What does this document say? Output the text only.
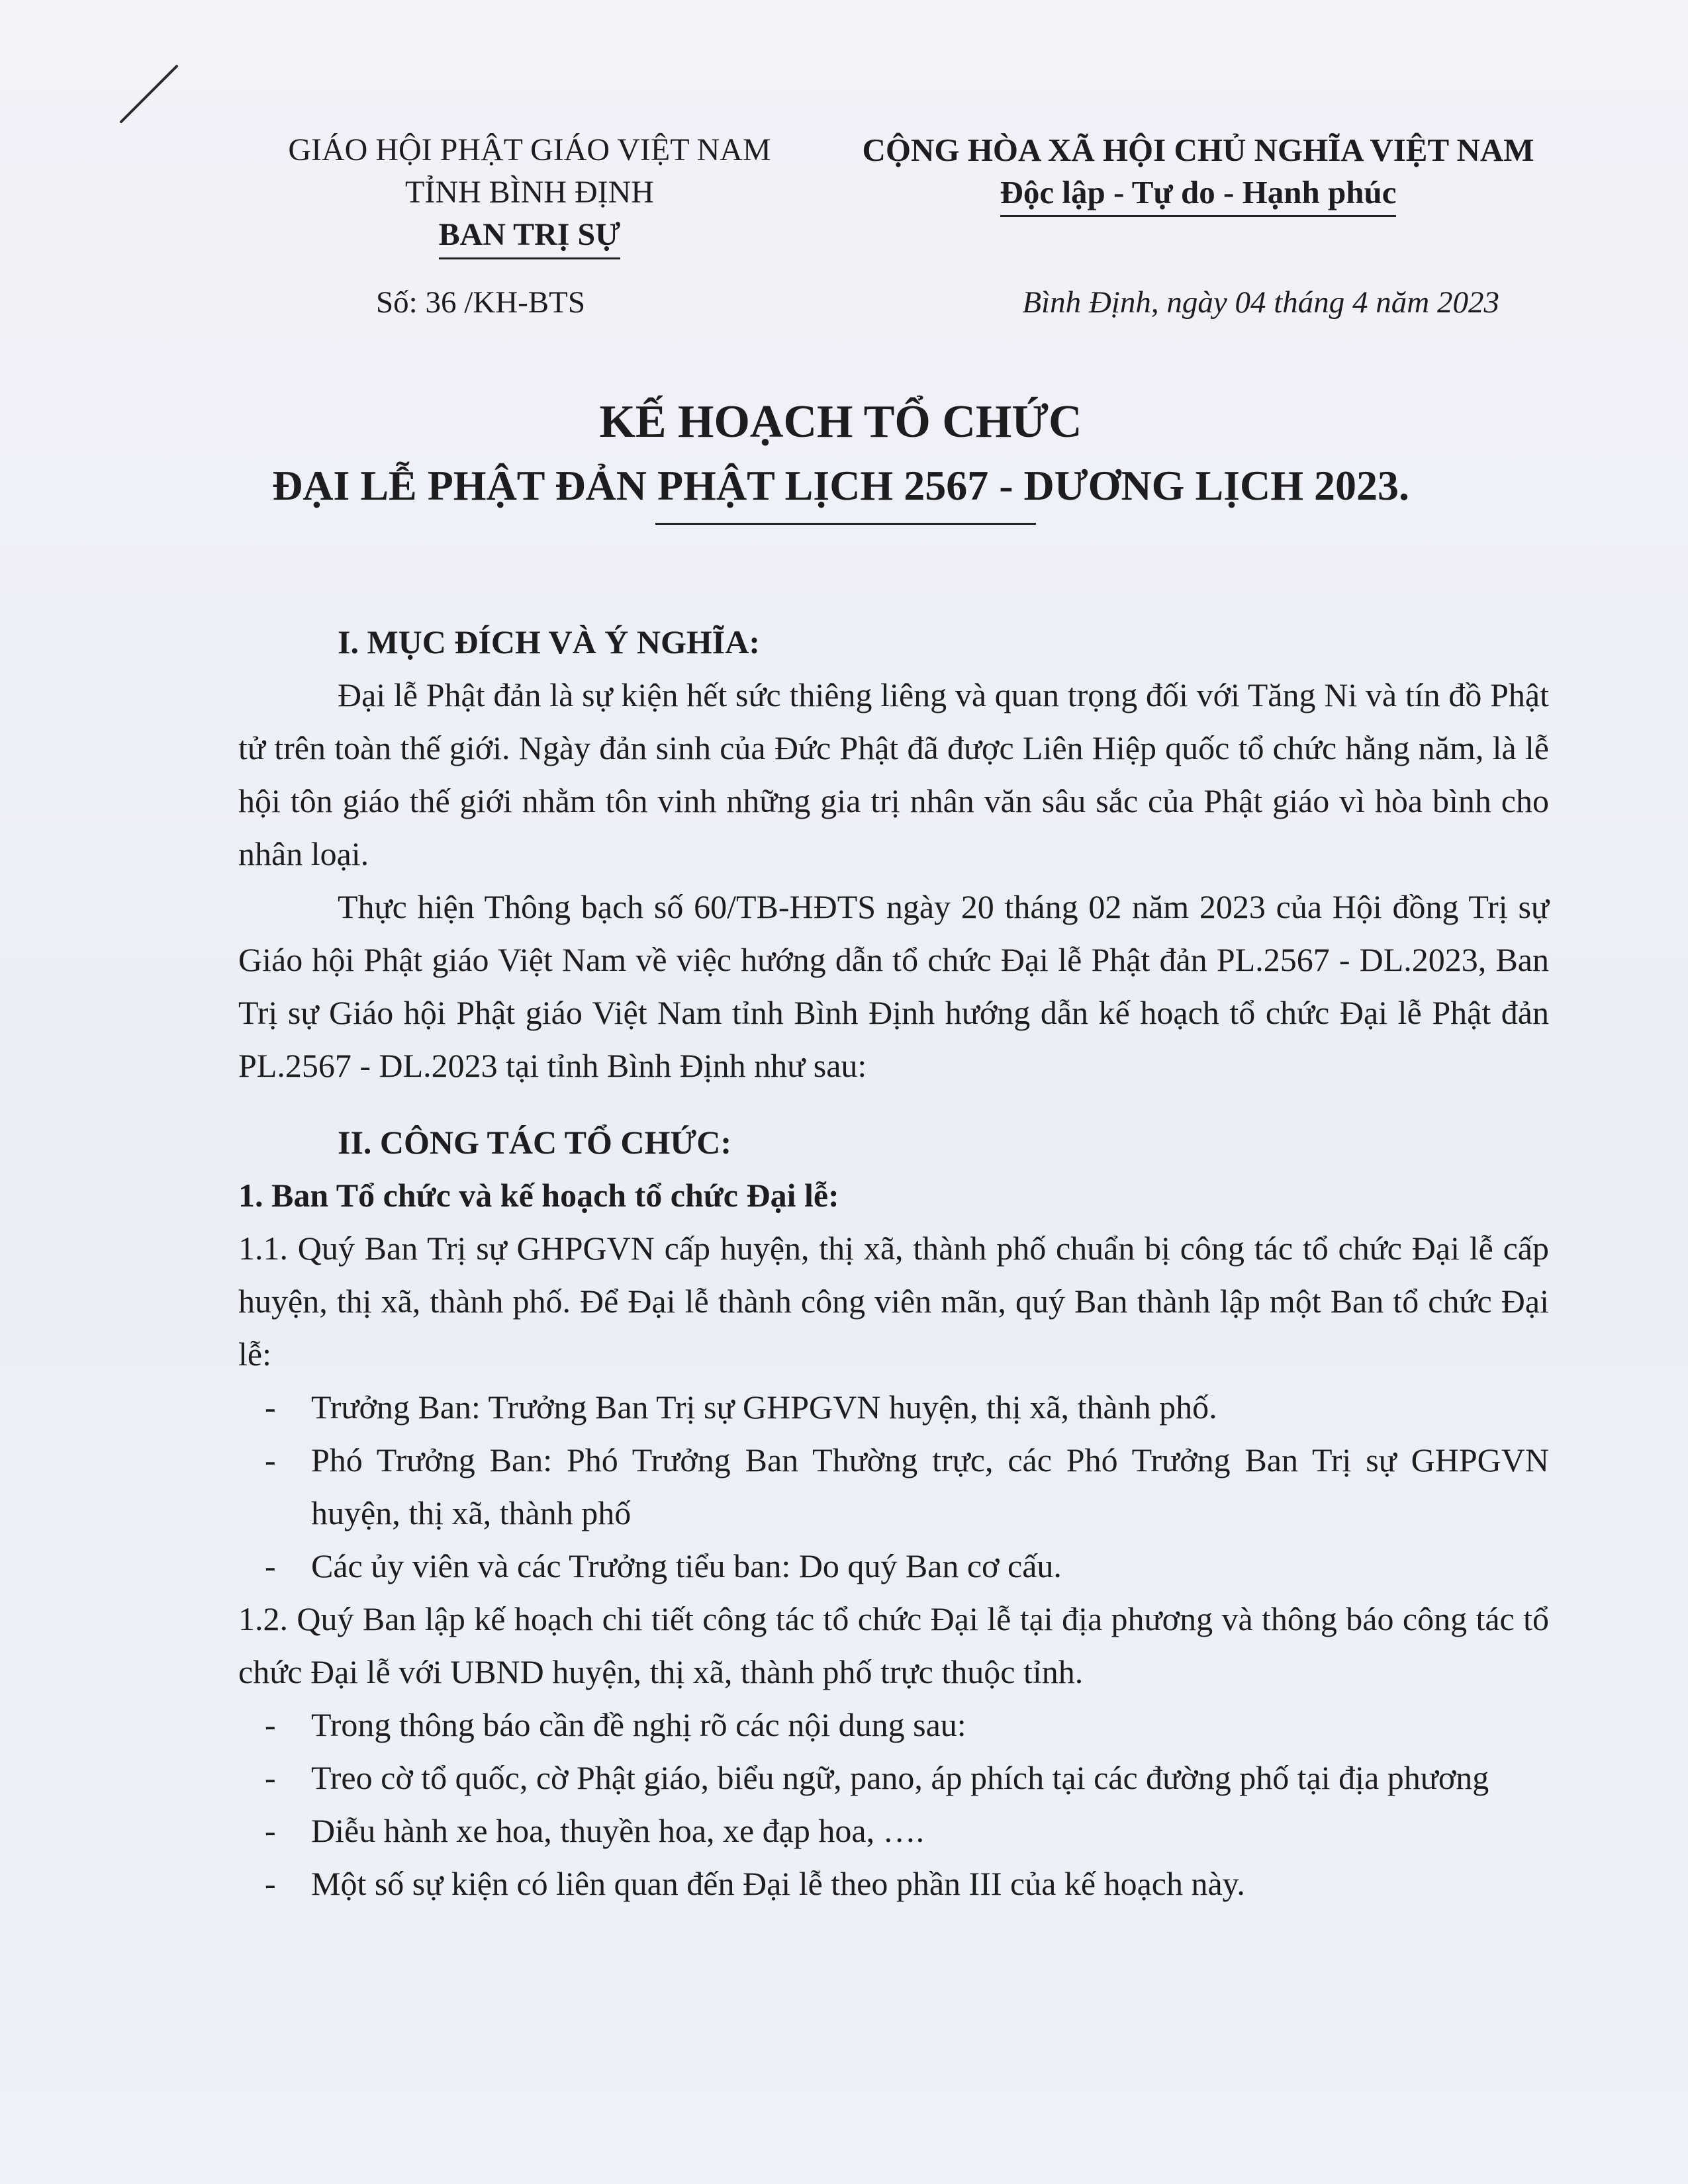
GIÁO HỘI PHẬT GIÁO VIỆT NAM
TỈNH BÌNH ĐỊNH
BAN TRỊ SỰ
CỘNG HÒA XÃ HỘI CHỦ NGHĨA VIỆT NAM
Độc lập - Tự do - Hạnh phúc
Số: 36 /KH-BTS	Bình Định, ngày 04 tháng 4 năm 2023
KẾ HOẠCH TỔ CHỨC
ĐẠI LỄ PHẬT ĐẢN PHẬT LỊCH 2567 - DƯƠNG LỊCH 2023.

I. MỤC ĐÍCH VÀ Ý NGHĨA:

Đại lễ Phật đản là sự kiện hết sức thiêng liêng và quan trọng đối với Tăng Ni và tín đồ Phật tử trên toàn thế giới. Ngày đản sinh của Đức Phật đã được Liên Hiệp quốc tổ chức hằng năm, là lễ hội tôn giáo thế giới nhằm tôn vinh những gia trị nhân văn sâu sắc của Phật giáo vì hòa bình cho nhân loại.

Thực hiện Thông bạch số 60/TB-HĐTS ngày 20 tháng 02 năm 2023 của Hội đồng Trị sự Giáo hội Phật giáo Việt Nam về việc hướng dẫn tổ chức Đại lễ Phật đản PL.2567 - DL.2023, Ban Trị sự Giáo hội Phật giáo Việt Nam tỉnh Bình Định hướng dẫn kế hoạch tổ chức Đại lễ Phật đản PL.2567 - DL.2023 tại tỉnh Bình Định như sau:

II. CÔNG TÁC TỔ CHỨC:

1. Ban Tổ chức và kế hoạch tổ chức Đại lễ:

1.1. Quý Ban Trị sự GHPGVN cấp huyện, thị xã, thành phố chuẩn bị công tác tổ chức Đại lễ cấp huyện, thị xã, thành phố. Để Đại lễ thành công viên mãn, quý Ban thành lập một Ban tổ chức Đại lễ:

- Trưởng Ban: Trưởng Ban Trị sự GHPGVN huyện, thị xã, thành phố.

- Phó Trưởng Ban: Phó Trưởng Ban Thường trực, các Phó Trưởng Ban Trị sự GHPGVN huyện, thị xã, thành phố

- Các ủy viên và các Trưởng tiểu ban: Do quý Ban cơ cấu.

1.2. Quý Ban lập kế hoạch chi tiết công tác tổ chức Đại lễ tại địa phương và thông báo công tác tổ chức Đại lễ với UBND huyện, thị xã, thành phố trực thuộc tỉnh.

- Trong thông báo cần đề nghị rõ các nội dung sau:

- Treo cờ tổ quốc, cờ Phật giáo, biểu ngữ, pano, áp phích tại các đường phố tại địa phương

- Diễu hành xe hoa, thuyền hoa, xe đạp hoa, ….

- Một số sự kiện có liên quan đến Đại lễ theo phần III của kế hoạch này.
